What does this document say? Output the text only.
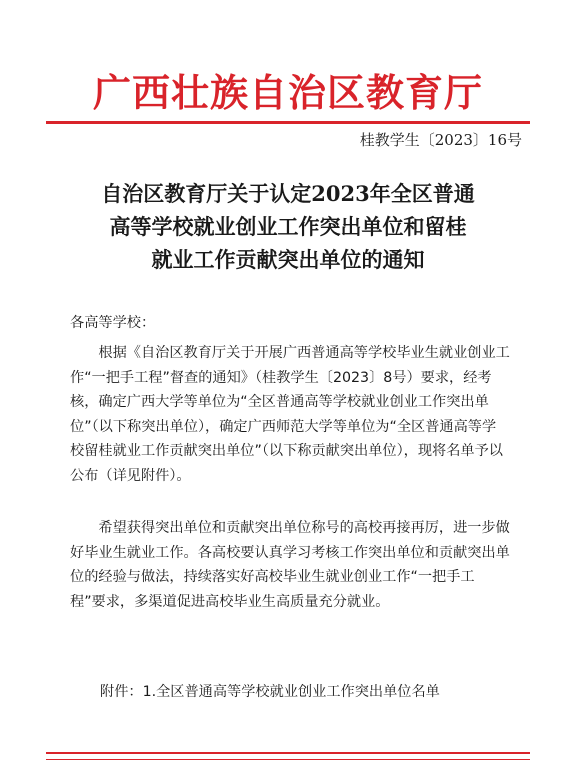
广西壮族自治区教育厅
桂教学生〔2023〕16号
自治区教育厅关于认定2023年全区普通
高等学校就业创业工作突出单位和留桂
就业工作贡献突出单位的通知
各高等学校：
根据《自治区教育厅关于开展广西普通高等学校毕业生就业创业工作“一把手工程”督查的通知》（桂教学生〔2023〕8号）要求，经考核，确定广西大学等单位为“全区普通高等学校就业创业工作突出单位”（以下称突出单位），确定广西师范大学等单位为“全区普通高等学校留桂就业工作贡献突出单位”（以下称贡献突出单位），现将名单予以公布（详见附件）。
希望获得突出单位和贡献突出单位称号的高校再接再厉，进一步做好毕业生就业工作。各高校要认真学习考核工作突出单位和贡献突出单位的经验与做法，持续落实好高校毕业生就业创业工作“一把手工程”要求，多渠道促进高校毕业生高质量充分就业。
附件：1.全区普通高等学校就业创业工作突出单位名单
